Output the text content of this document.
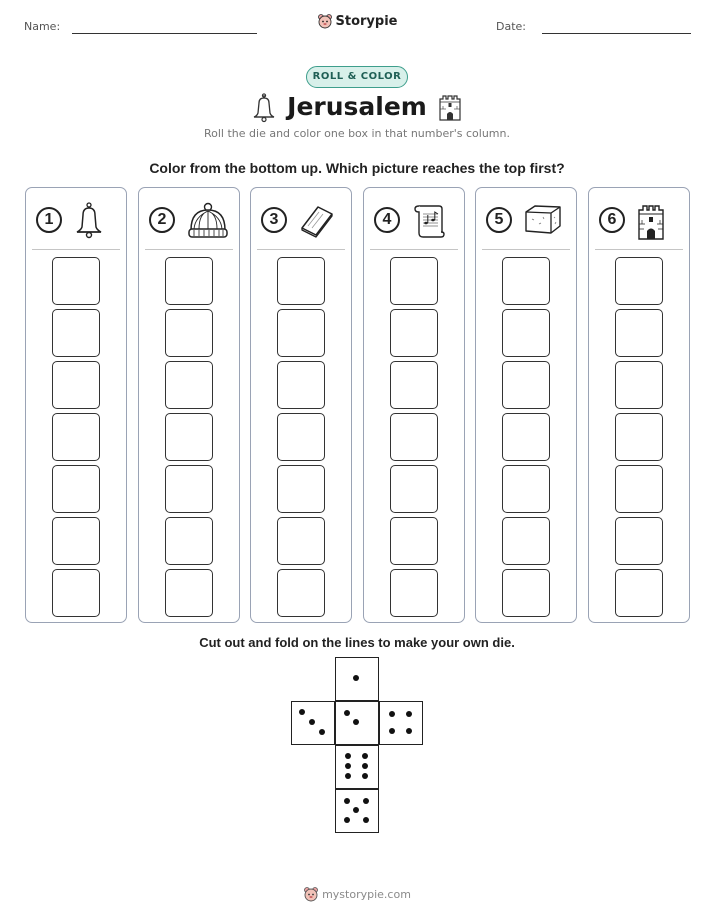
Name:	Storypie	Date:
ROLL & COLOR
Jerusalem
Roll the die and color one box in that number's column.
Color from the bottom up. Which picture reaches the top first?
1	2	3	4	5	6
Cut out and fold on the lines to make your own die.
mystorypie.com
